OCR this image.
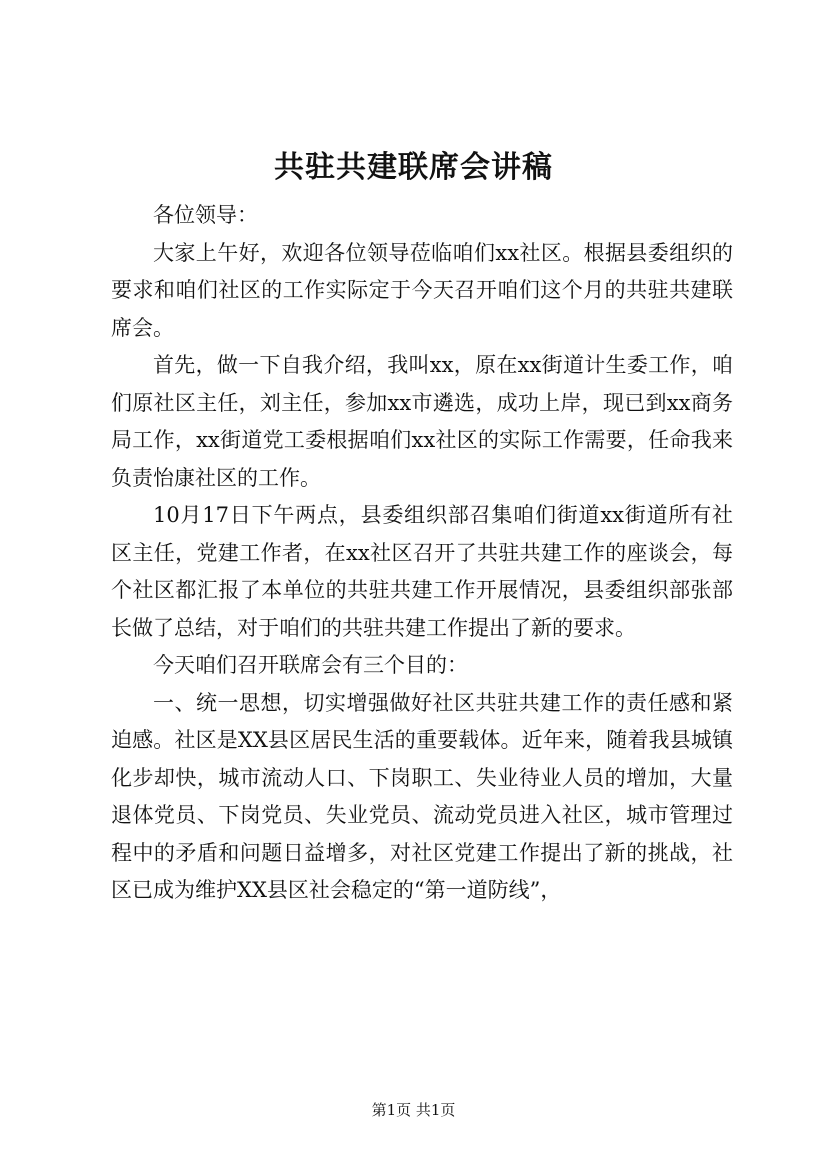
共驻共建联席会讲稿

各位领导：

大家上午好，欢迎各位领导莅临咱们xx社区。根据县委组织的要求和咱们社区的工作实际定于今天召开咱们这个月的共驻共建联席会。

首先，做一下自我介绍，我叫xx，原在xx街道计生委工作，咱们原社区主任，刘主任，参加xx市遴选，成功上岸，现已到xx商务局工作，xx街道党工委根据咱们xx社区的实际工作需要，任命我来负责怡康社区的工作。

10月17日下午两点，县委组织部召集咱们街道xx街道所有社区主任，党建工作者，在xx社区召开了共驻共建工作的座谈会，每个社区都汇报了本单位的共驻共建工作开展情况，县委组织部张部长做了总结，对于咱们的共驻共建工作提出了新的要求。

今天咱们召开联席会有三个目的：

一、统一思想，切实增强做好社区共驻共建工作的责任感和紧迫感。社区是XX县区居民生活的重要载体。近年来，随着我县城镇化步却快，城市流动人口、下岗职工、失业待业人员的增加，大量退体党员、下岗党员、失业党员、流动党员进入社区，城市管理过程中的矛盾和问题日益增多，对社区党建工作提出了新的挑战，社区已成为维护XX县区社会稳定的“第一道防线”，

第1页 共1页
